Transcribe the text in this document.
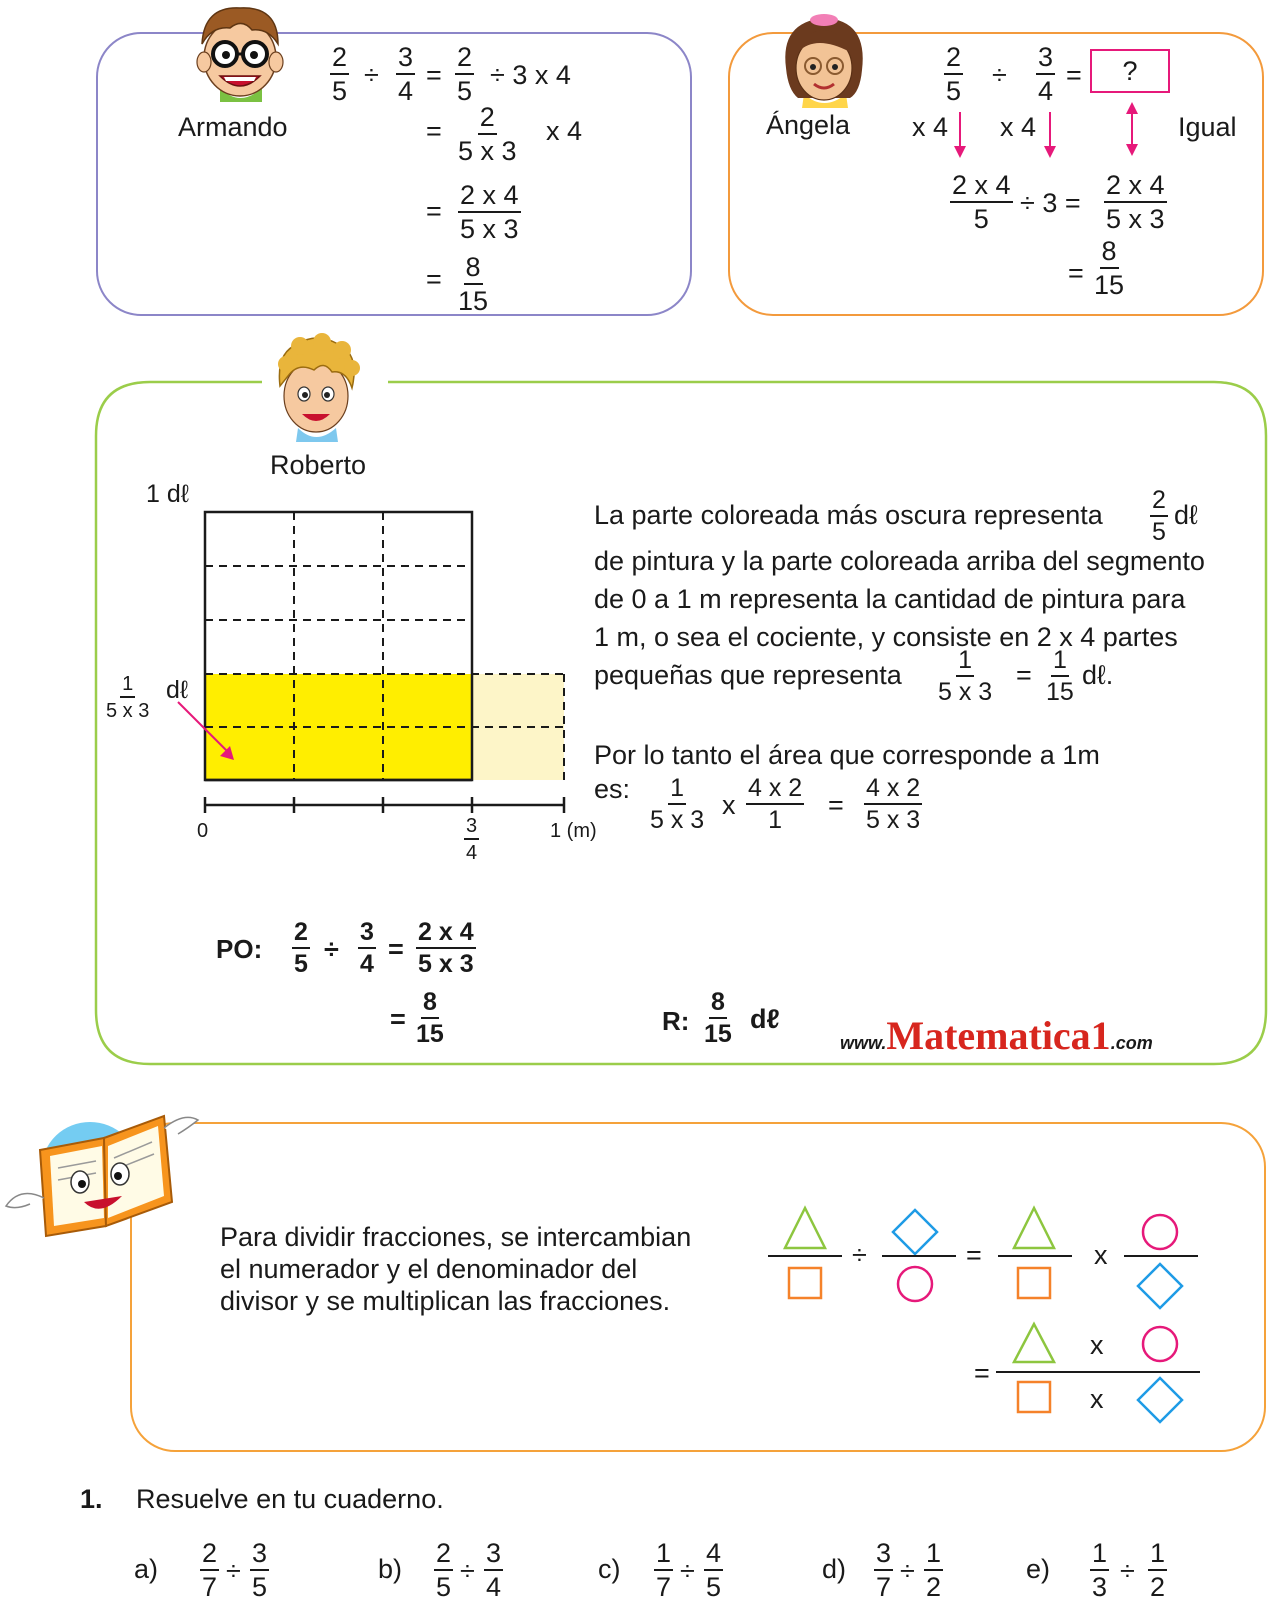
Armando
$\frac{2}{5} \div \frac{3}{4} = \frac{2}{5} \div 3$ x 4
= $\frac{2}{5 x 3}$ x 4
= $\frac{2 x 4}{5 x 3}$
= $\frac{8}{15}$
Ángela
$\frac{2}{5} \div \frac{3}{4}$ =	?
x 4 x 4	Igual
$\frac{2 x 4}{5} \div 3 = \frac{2 x 4}{5 x 3}$
= $\frac{8}{15}$
Roberto
1 dℓ
$\frac{1}{5 x 3}$ dℓ
0	$\frac{3}{4}$	1 (m)
La parte coloreada más oscura representa $\frac{2}{5}$ dℓ
de pintura y la parte coloreada arriba del segmento
de 0 a 1 m representa la cantidad de pintura para
1 m, o sea el cociente, y consiste en 2 x 4 partes
pequeñas que representa $\frac{1}{5 x 3} = \frac{1}{15}$ dℓ.
Por lo tanto el área que corresponde a 1m
es: $\frac{1}{5 x 3}$ x $\frac{4 x 2}{1} = \frac{4 x 2}{5 x 3}$
PO: $\frac{2}{5} \div \frac{3}{4} = \frac{2 x 4}{5 x 3}$
= $\frac{8}{15}$	R: $\frac{8}{15}$ dℓ
www.Matematica1.com
Para dividir fracciones, se intercambian
el numerador y el denominador del
divisor y se multiplican las fracciones.
÷	=	x
=
x
x
1. Resuelve en tu cuaderno.
$a) \frac{2}{7} \div \frac{3}{5}$	$b) \frac{2}{5} \div \frac{3}{4}$	$c) \frac{1}{7} \div \frac{4}{5}$	$d) \frac{3}{7} \div \frac{1}{2}$	$e) \frac{1}{3} \div \frac{1}{2}$
